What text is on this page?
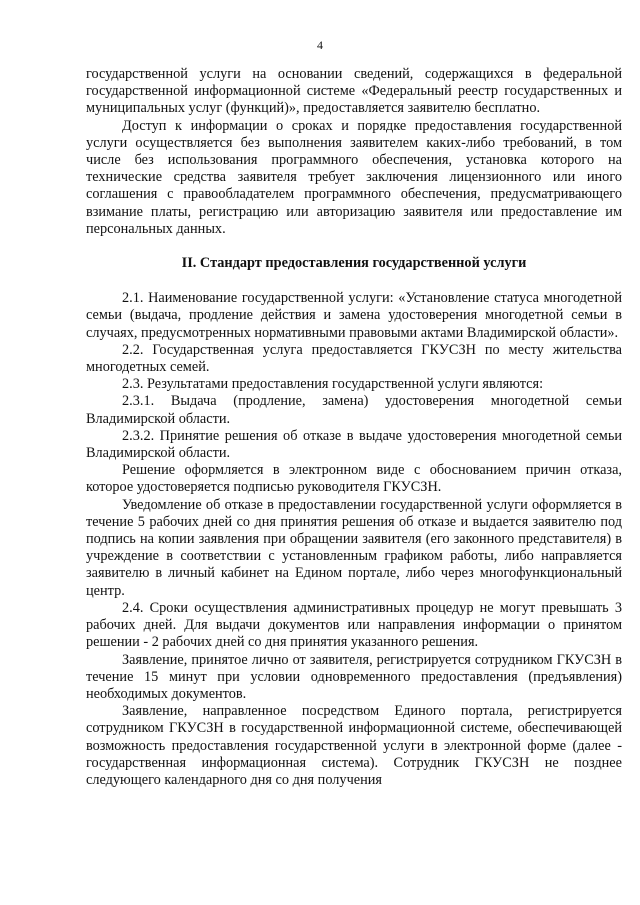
4

государственной услуги на основании сведений, содержащихся в федеральной государственной информационной системе «Федеральный реестр государственных и муниципальных услуг (функций)», предоставляется заявителю бесплатно.

Доступ к информации о сроках и порядке предоставления государственной услуги осуществляется без выполнения заявителем каких-либо требований, в том числе без использования программного обеспечения, установка которого на технические средства заявителя требует заключения лицензионного или иного соглашения с правообладателем программного обеспечения, предусматривающего взимание платы, регистрацию или авторизацию заявителя или предоставление им персональных данных.

II. Стандарт предоставления государственной услуги

2.1. Наименование государственной услуги: «Установление статуса многодетной семьи (выдача, продление действия и замена удостоверения многодетной семьи в случаях, предусмотренных нормативными правовыми актами Владимирской области».

2.2. Государственная услуга предоставляется ГКУСЗН по месту жительства многодетных семей.

2.3. Результатами предоставления государственной услуги являются:

2.3.1. Выдача (продление, замена) удостоверения многодетной семьи Владимирской области.

2.3.2. Принятие решения об отказе в выдаче удостоверения многодетной семьи Владимирской области.

Решение оформляется в электронном виде с обоснованием причин отказа, которое удостоверяется подписью руководителя ГКУСЗН.

Уведомление об отказе в предоставлении государственной услуги оформляется в течение 5 рабочих дней со дня принятия решения об отказе и выдается заявителю под подпись на копии заявления при обращении заявителя (его законного представителя) в учреждение в соответствии с установленным графиком работы, либо направляется заявителю в личный кабинет на Едином портале, либо через многофункциональный центр.

2.4. Сроки осуществления административных процедур не могут превышать 3 рабочих дней. Для выдачи документов или направления информации о принятом решении - 2 рабочих дней со дня принятия указанного решения.

Заявление, принятое лично от заявителя, регистрируется сотрудником ГКУСЗН в течение 15 минут при условии одновременного предоставления (предъявления) необходимых документов.

Заявление, направленное посредством Единого портала, регистрируется сотрудником ГКУСЗН в государственной информационной системе, обеспечивающей возможность предоставления государственной услуги в электронной форме (далее - государственная информационная система). Сотрудник ГКУСЗН не позднее следующего календарного дня со дня получения
